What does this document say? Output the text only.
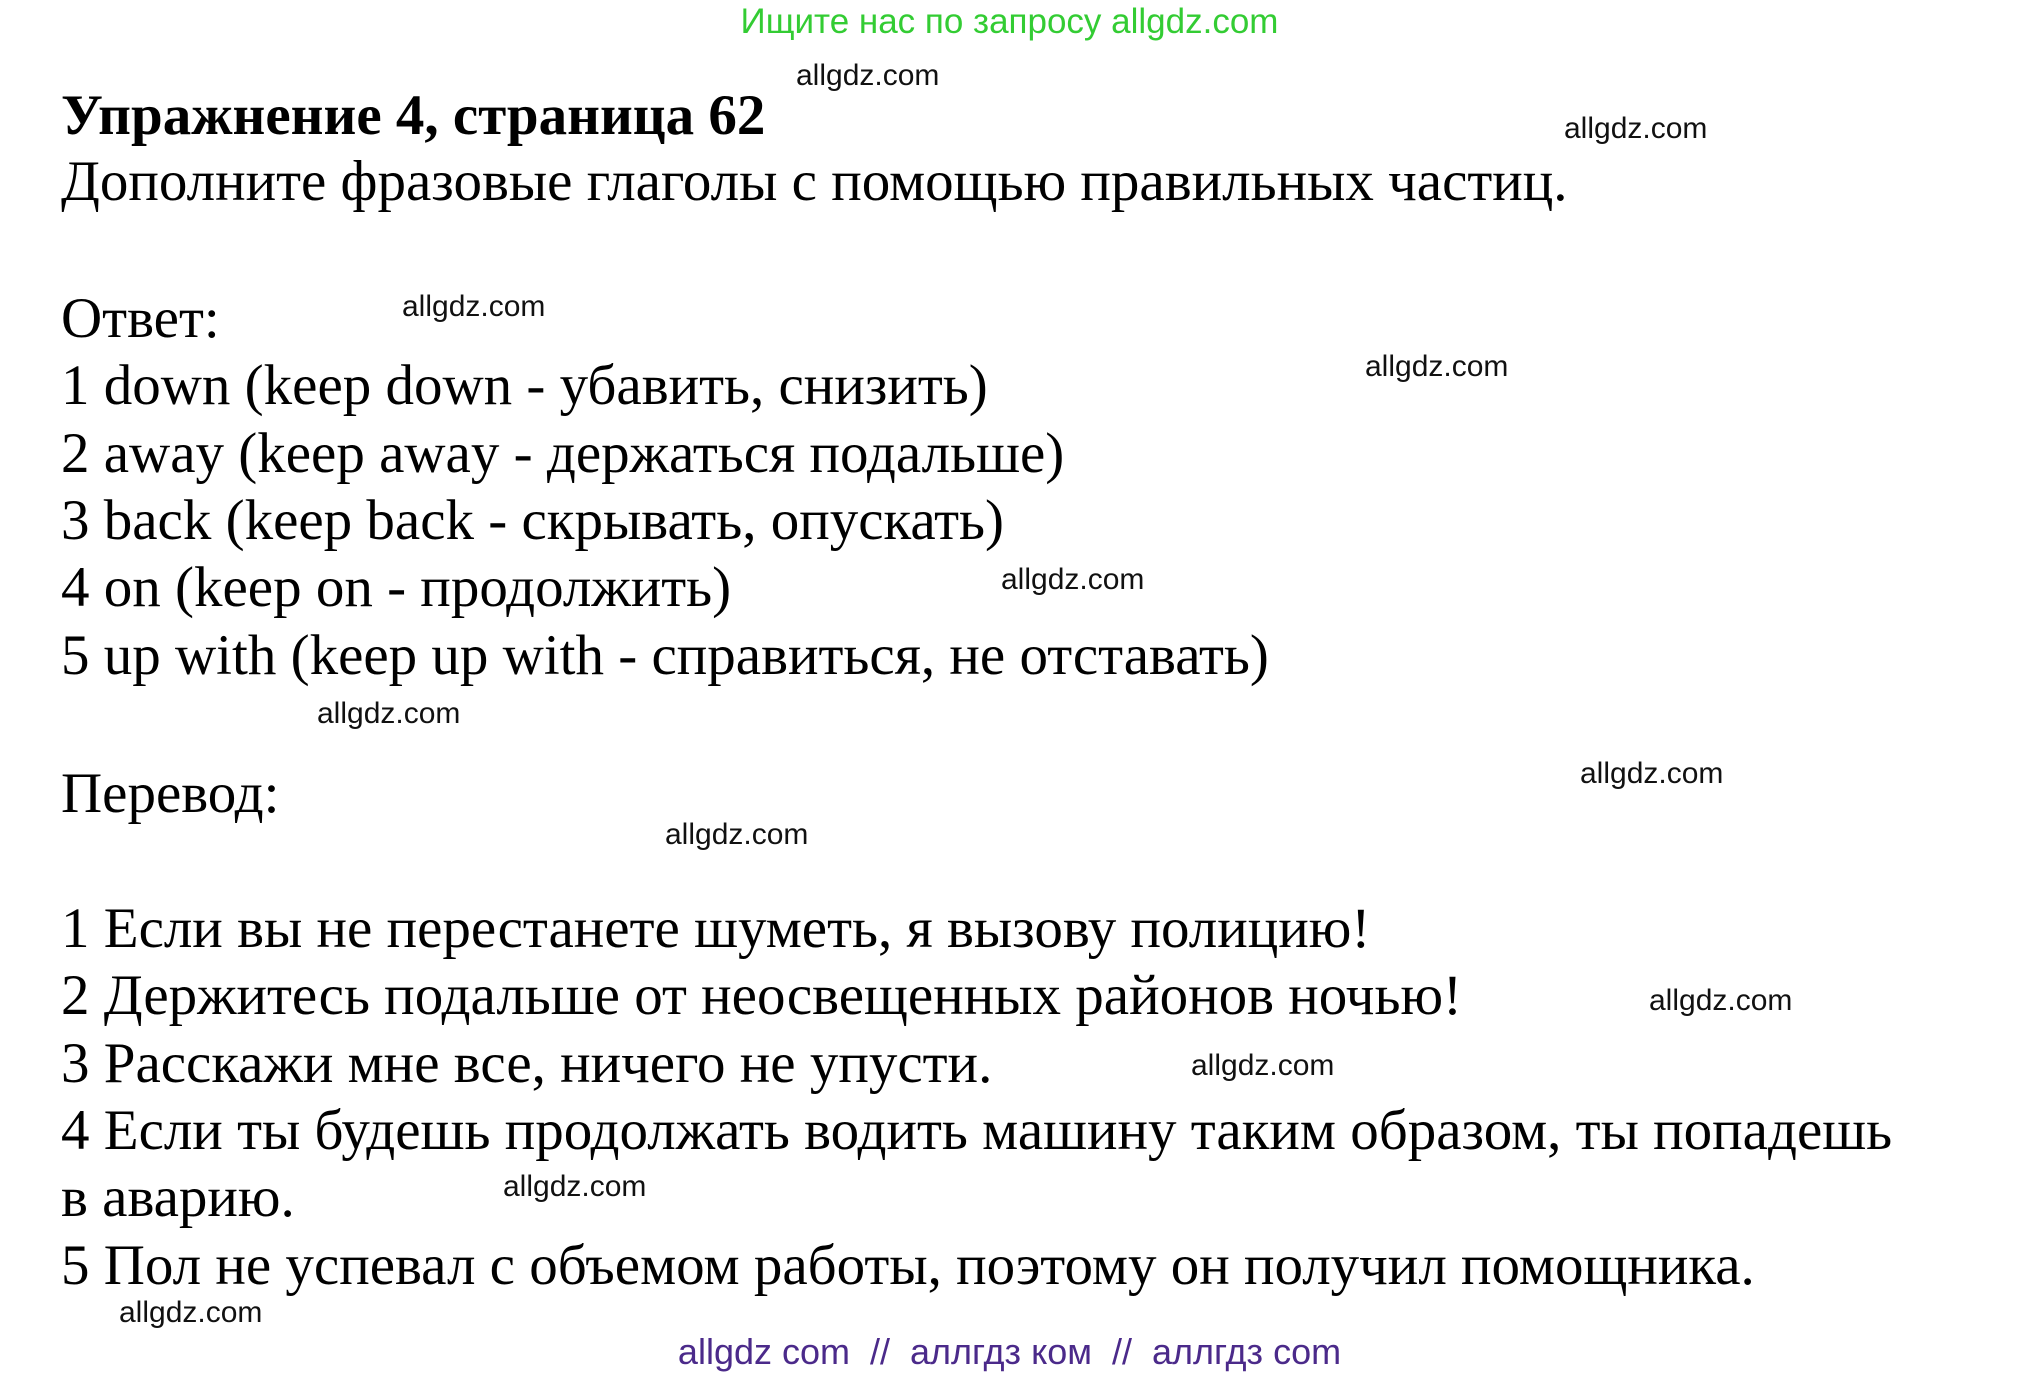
Ищите нас по запросу allgdz.com
Упражнение 4, страница 62
Дополните фразовые глаголы с помощью правильных частиц.
Ответ:
1 down (keep down - убавить, снизить)
2 away (keep away - держаться подальше)
3 back (keep back - скрывать, опускать)
4 on (keep on - продолжить)
5 up with (keep up with - справиться, не отставать)
Перевод:
1 Если вы не перестанете шуметь, я вызову полицию!
2 Держитесь подальше от неосвещенных районов ночью!
3 Расскажи мне все, ничего не упусти.
4 Если ты будешь продолжать водить машину таким образом, ты попадешь
в аварию.
5 Пол не успевал с объемом работы, поэтому он получил помощника.
allgdz.com
allgdz.com
allgdz.com
allgdz.com
allgdz.com
allgdz.com
allgdz.com
allgdz.com
allgdz.com
allgdz.com
allgdz.com
allgdz.com
allgdz com  //  аллгдз ком  //  аллгдз com
